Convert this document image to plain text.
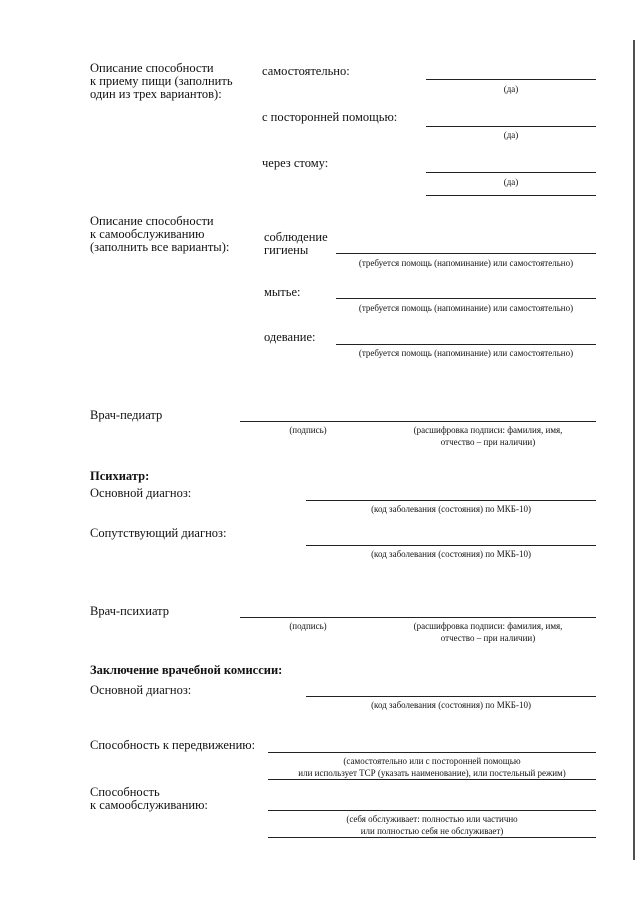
Описание способности
к приему пищи (заполнить
один из трех вариантов):
самостоятельно:
(да)
с посторонней помощью:
(да)
через стому:
(да)
Описание способности
к самообслуживанию
(заполнить все варианты):
соблюдение
гигиены
(требуется помощь (напоминание) или самостоятельно)
мытье:
(требуется помощь (напоминание) или самостоятельно)
одевание:
(требуется помощь (напоминание) или самостоятельно)
Врач-педиатр
(подпись)	(расшифровка подписи: фамилия, имя,
отчество – при наличии)
Психиатр:
Основной диагноз:
(код заболевания (состояния) по МКБ-10)
Сопутствующий диагноз:
(код заболевания (состояния) по МКБ-10)
Врач-психиатр
(подпись)	(расшифровка подписи: фамилия, имя,
отчество – при наличии)
Заключение врачебной комиссии:
Основной диагноз:
(код заболевания (состояния) по МКБ-10)
Способность к передвижению:
(самостоятельно или с посторонней помощью
или использует ТСР (указать наименование), или постельный режим)
Способность
к самообслуживанию:
(себя обслуживает: полностью или частично
или полностью себя не обслуживает)
